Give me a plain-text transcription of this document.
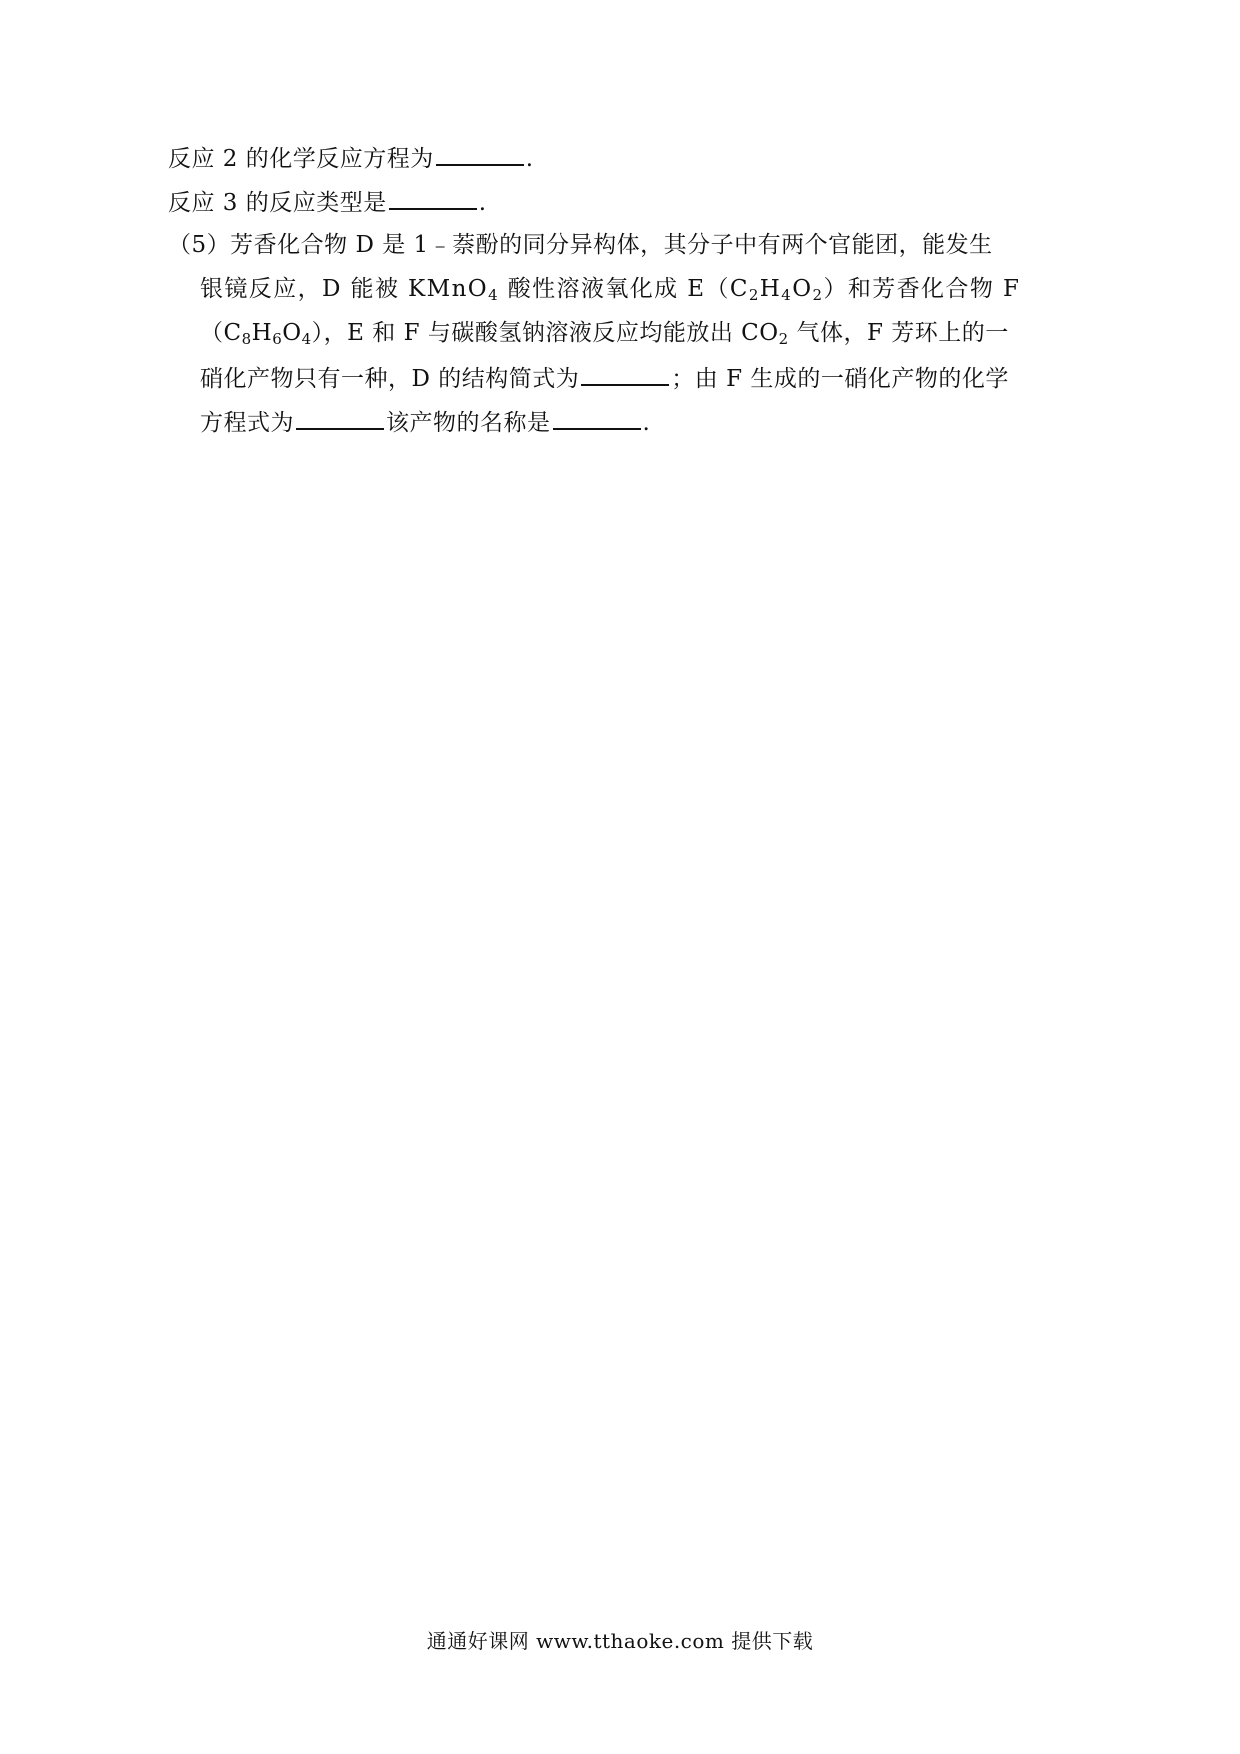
反应 2 的化学反应方程为	.
反应 3 的反应类型是	.
（5）芳香化合物 D 是 1﹣萘酚的同分异构体，其分子中有两个官能团，能发生
银镜反应，D 能被 KMnO$_4$ 酸性溶液氧化成 $E(C_2H_4O_2)$和芳香化合物 F
$(C_8H_6O_4)$，E 和 F 与碳酸氢钠溶液反应均能放出 $CO_2$ 气体，F 芳环上的一
硝化产物只有一种，D 的结构简式为	；由 F 生成的一硝化产物的化学
方程式为	该产物的名称是	.
通通好课网 www.tthaoke.com 提供下载
